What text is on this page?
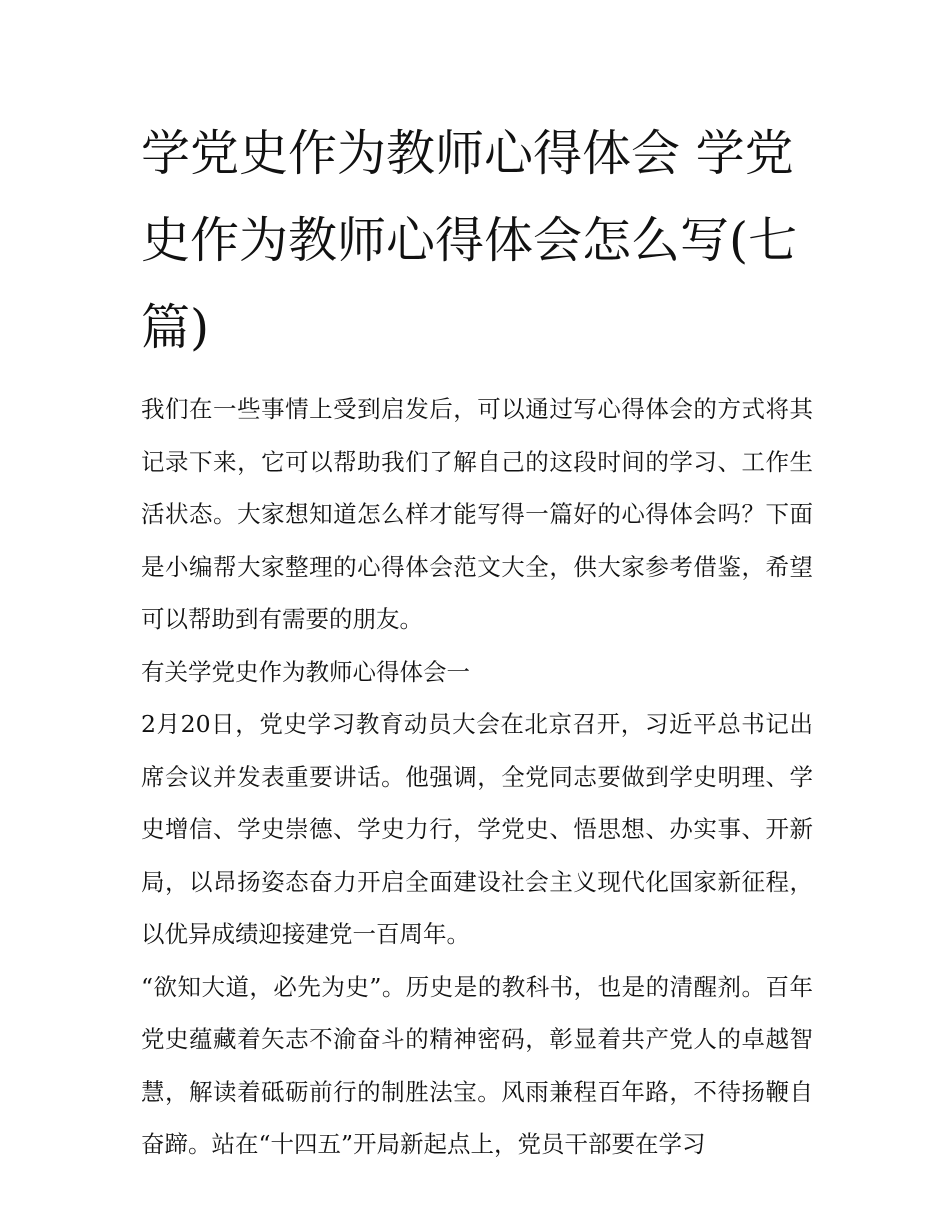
学党史作为教师心得体会 学党史作为教师心得体会怎么写(七篇)

我们在一些事情上受到启发后，可以通过写心得体会的方式将其记录下来，它可以帮助我们了解自己的这段时间的学习、工作生活状态。大家想知道怎么样才能写得一篇好的心得体会吗？下面是小编帮大家整理的心得体会范文大全，供大家参考借鉴，希望可以帮助到有需要的朋友。

有关学党史作为教师心得体会一

2月20日，党史学习教育动员大会在北京召开，习近平总书记出席会议并发表重要讲话。他强调，全党同志要做到学史明理、学史增信、学史崇德、学史力行，学党史、悟思想、办实事、开新局，以昂扬姿态奋力开启全面建设社会主义现代化国家新征程，以优异成绩迎接建党一百周年。

“欲知大道，必先为史”。历史是的教科书，也是的清醒剂。百年党史蕴藏着矢志不渝奋斗的精神密码，彰显着共产党人的卓越智慧，解读着砥砺前行的制胜法宝。风雨兼程百年路，不待扬鞭自奋蹄。站在“十四五”开局新起点上，党员干部要在学习
